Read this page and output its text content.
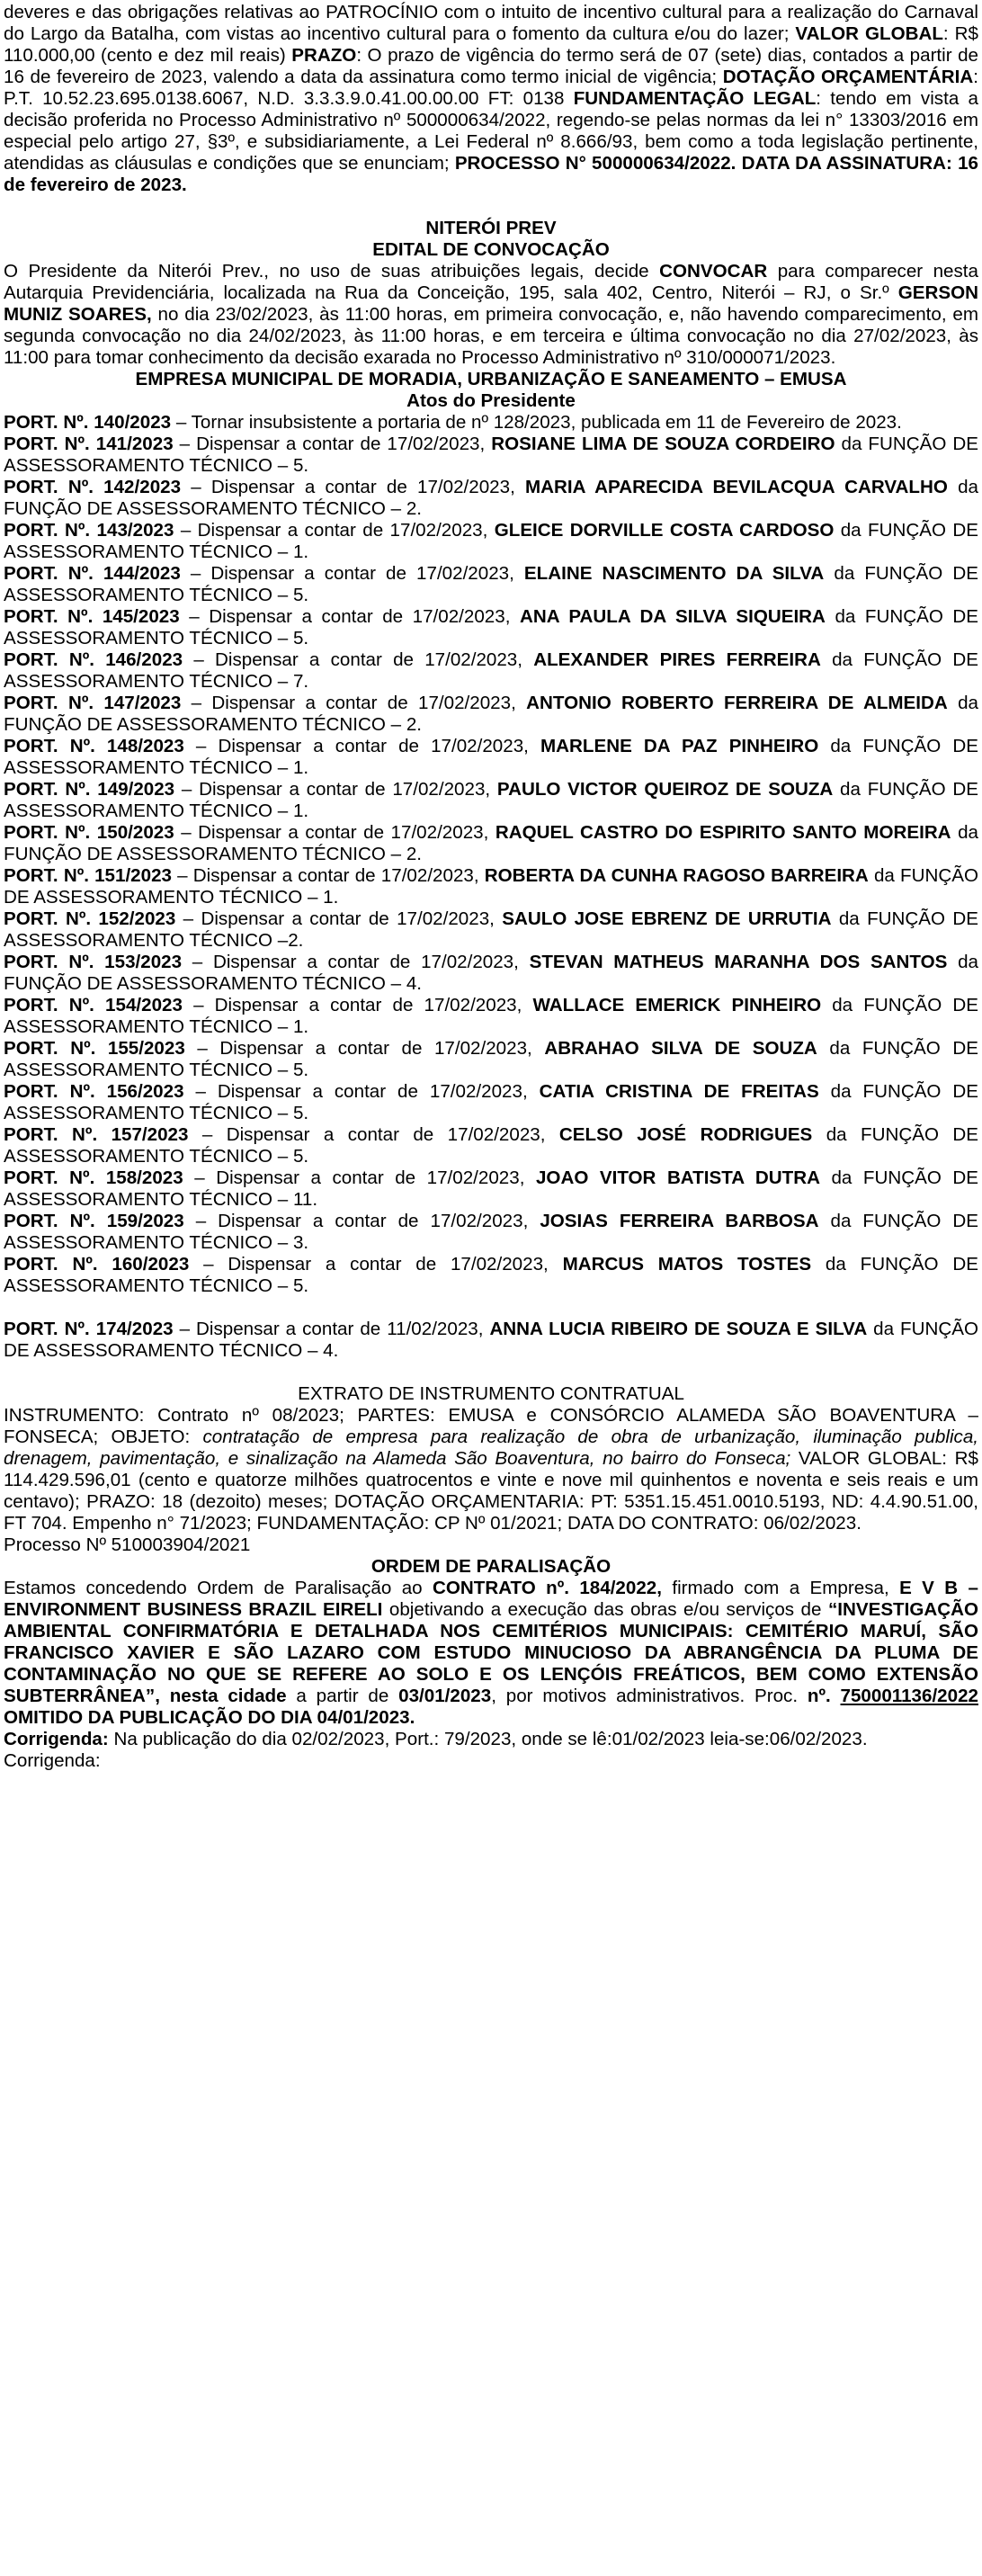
deveres e das obrigações relativas ao PATROCÍNIO com o intuito de incentivo cultural para a realização do Carnaval do Largo da Batalha, com vistas ao incentivo cultural para o fomento da cultura e/ou do lazer; VALOR GLOBAL: R$ 110.000,00 (cento e dez mil reais) PRAZO: O prazo de vigência do termo será de 07 (sete) dias, contados a partir de 16 de fevereiro de 2023, valendo a data da assinatura como termo inicial de vigência; DOTAÇÃO ORÇAMENTÁRIA: P.T. 10.52.23.695.0138.6067, N.D. 3.3.3.9.0.41.00.00.00 FT: 0138 FUNDAMENTAÇÃO LEGAL: tendo em vista a decisão proferida no Processo Administrativo nº 500000634/2022, regendo-se pelas normas da lei n° 13303/2016 em especial pelo artigo 27, §3º, e subsidiariamente, a Lei Federal nº 8.666/93, bem como a toda legislação pertinente, atendidas as cláusulas e condições que se enunciam; PROCESSO N° 500000634/2022. DATA DA ASSINATURA: 16 de fevereiro de 2023.

NITERÓI PREV

EDITAL DE CONVOCAÇÃO

O Presidente da Niterói Prev., no uso de suas atribuições legais, decide CONVOCAR para comparecer nesta Autarquia Previdenciária, localizada na Rua da Conceição, 195, sala 402, Centro, Niterói – RJ, o Sr.º GERSON MUNIZ SOARES, no dia 23/02/2023, às 11:00 horas, em primeira convocação, e, não havendo comparecimento, em segunda convocação no dia 24/02/2023, às 11:00 horas, e em terceira e última convocação no dia 27/02/2023, às 11:00 para tomar conhecimento da decisão exarada no Processo Administrativo nº 310/000071/2023.

EMPRESA MUNICIPAL DE MORADIA, URBANIZAÇÃO E SANEAMENTO – EMUSA

Atos do Presidente

PORT. Nº. 140/2023 – Tornar insubsistente a portaria de nº 128/2023, publicada em 11 de Fevereiro de 2023.

PORT. Nº. 141/2023 – Dispensar a contar de 17/02/2023, ROSIANE LIMA DE SOUZA CORDEIRO da FUNÇÃO DE ASSESSORAMENTO TÉCNICO – 5.

PORT. Nº. 142/2023 – Dispensar a contar de 17/02/2023, MARIA APARECIDA BEVILACQUA CARVALHO da FUNÇÃO DE ASSESSORAMENTO TÉCNICO – 2.

PORT. Nº. 143/2023 – Dispensar a contar de 17/02/2023, GLEICE DORVILLE COSTA CARDOSO da FUNÇÃO DE ASSESSORAMENTO TÉCNICO – 1.

PORT. Nº. 144/2023 – Dispensar a contar de 17/02/2023, ELAINE NASCIMENTO DA SILVA da FUNÇÃO DE ASSESSORAMENTO TÉCNICO – 5.

PORT. Nº. 145/2023 – Dispensar a contar de 17/02/2023, ANA PAULA DA SILVA SIQUEIRA da FUNÇÃO DE ASSESSORAMENTO TÉCNICO – 5.

PORT. Nº. 146/2023 – Dispensar a contar de 17/02/2023, ALEXANDER PIRES FERREIRA da FUNÇÃO DE ASSESSORAMENTO TÉCNICO – 7.

PORT. Nº. 147/2023 – Dispensar a contar de 17/02/2023, ANTONIO ROBERTO FERREIRA DE ALMEIDA da FUNÇÃO DE ASSESSORAMENTO TÉCNICO – 2.

PORT. Nº. 148/2023 – Dispensar a contar de 17/02/2023, MARLENE DA PAZ PINHEIRO da FUNÇÃO DE ASSESSORAMENTO TÉCNICO – 1.

PORT. Nº. 149/2023 – Dispensar a contar de 17/02/2023, PAULO VICTOR QUEIROZ DE SOUZA da FUNÇÃO DE ASSESSORAMENTO TÉCNICO – 1.

PORT. Nº. 150/2023 – Dispensar a contar de 17/02/2023, RAQUEL CASTRO DO ESPIRITO SANTO MOREIRA da FUNÇÃO DE ASSESSORAMENTO TÉCNICO – 2.

PORT. Nº. 151/2023 – Dispensar a contar de 17/02/2023, ROBERTA DA CUNHA RAGOSO BARREIRA da FUNÇÃO DE ASSESSORAMENTO TÉCNICO – 1.

PORT. Nº. 152/2023 – Dispensar a contar de 17/02/2023, SAULO JOSE EBRENZ DE URRUTIA da FUNÇÃO DE ASSESSORAMENTO TÉCNICO –2.

PORT. Nº. 153/2023 – Dispensar a contar de 17/02/2023, STEVAN MATHEUS MARANHA DOS SANTOS da FUNÇÃO DE ASSESSORAMENTO TÉCNICO – 4.

PORT. Nº. 154/2023 – Dispensar a contar de 17/02/2023, WALLACE EMERICK PINHEIRO da FUNÇÃO DE ASSESSORAMENTO TÉCNICO – 1.

PORT. Nº. 155/2023 – Dispensar a contar de 17/02/2023, ABRAHAO SILVA DE SOUZA da FUNÇÃO DE ASSESSORAMENTO TÉCNICO – 5.

PORT. Nº. 156/2023 – Dispensar a contar de 17/02/2023, CATIA CRISTINA DE FREITAS da FUNÇÃO DE ASSESSORAMENTO TÉCNICO – 5.

PORT. Nº. 157/2023 – Dispensar a contar de 17/02/2023, CELSO JOSÉ RODRIGUES da FUNÇÃO DE ASSESSORAMENTO TÉCNICO – 5.

PORT. Nº. 158/2023 – Dispensar a contar de 17/02/2023, JOAO VITOR BATISTA DUTRA da FUNÇÃO DE ASSESSORAMENTO TÉCNICO – 11.

PORT. Nº. 159/2023 – Dispensar a contar de 17/02/2023, JOSIAS FERREIRA BARBOSA da FUNÇÃO DE ASSESSORAMENTO TÉCNICO – 3.

PORT. Nº. 160/2023 – Dispensar a contar de 17/02/2023, MARCUS MATOS TOSTES da FUNÇÃO DE ASSESSORAMENTO TÉCNICO – 5.

PORT. Nº. 174/2023 – Dispensar a contar de 11/02/2023, ANNA LUCIA RIBEIRO DE SOUZA E SILVA da FUNÇÃO DE ASSESSORAMENTO TÉCNICO – 4.

EXTRATO DE INSTRUMENTO CONTRATUAL

INSTRUMENTO: Contrato nº 08/2023; PARTES: EMUSA e CONSÓRCIO ALAMEDA SÃO BOAVENTURA – FONSECA; OBJETO: contratação de empresa para realização de obra de urbanização, iluminação publica, drenagem, pavimentação, e sinalização na Alameda São Boaventura, no bairro do Fonseca; VALOR GLOBAL: R$ 114.429.596,01 (cento e quatorze milhões quatrocentos e vinte e nove mil quinhentos e noventa e seis reais e um centavo); PRAZO: 18 (dezoito) meses; DOTAÇÃO ORÇAMENTARIA: PT: 5351.15.451.0010.5193, ND: 4.4.90.51.00, FT 704. Empenho n° 71/2023; FUNDAMENTAÇÃO: CP Nº 01/2021; DATA DO CONTRATO: 06/02/2023.

Processo Nº 510003904/2021

ORDEM DE PARALISAÇÃO

Estamos concedendo Ordem de Paralisação ao CONTRATO nº. 184/2022, firmado com a Empresa, E V B – ENVIRONMENT BUSINESS BRAZIL EIRELI objetivando a execução das obras e/ou serviços de “INVESTIGAÇÃO AMBIENTAL CONFIRMATÓRIA E DETALHADA NOS CEMITÉRIOS MUNICIPAIS: CEMITÉRIO MARUÍ, SÃO FRANCISCO XAVIER E SÃO LAZARO COM ESTUDO MINUCIOSO DA ABRANGÊNCIA DA PLUMA DE CONTAMINAÇÃO NO QUE SE REFERE AO SOLO E OS LENÇÓIS FREÁTICOS, BEM COMO EXTENSÃO SUBTERRÂNEA”, nesta cidade a partir de 03/01/2023, por motivos administrativos. Proc. nº. 750001136/2022 OMITIDO DA PUBLICAÇÃO DO DIA 04/01/2023.

Corrigenda: Na publicação do dia 02/02/2023, Port.: 79/2023, onde se lê:01/02/2023 leia-se:06/02/2023.

Corrigenda:
